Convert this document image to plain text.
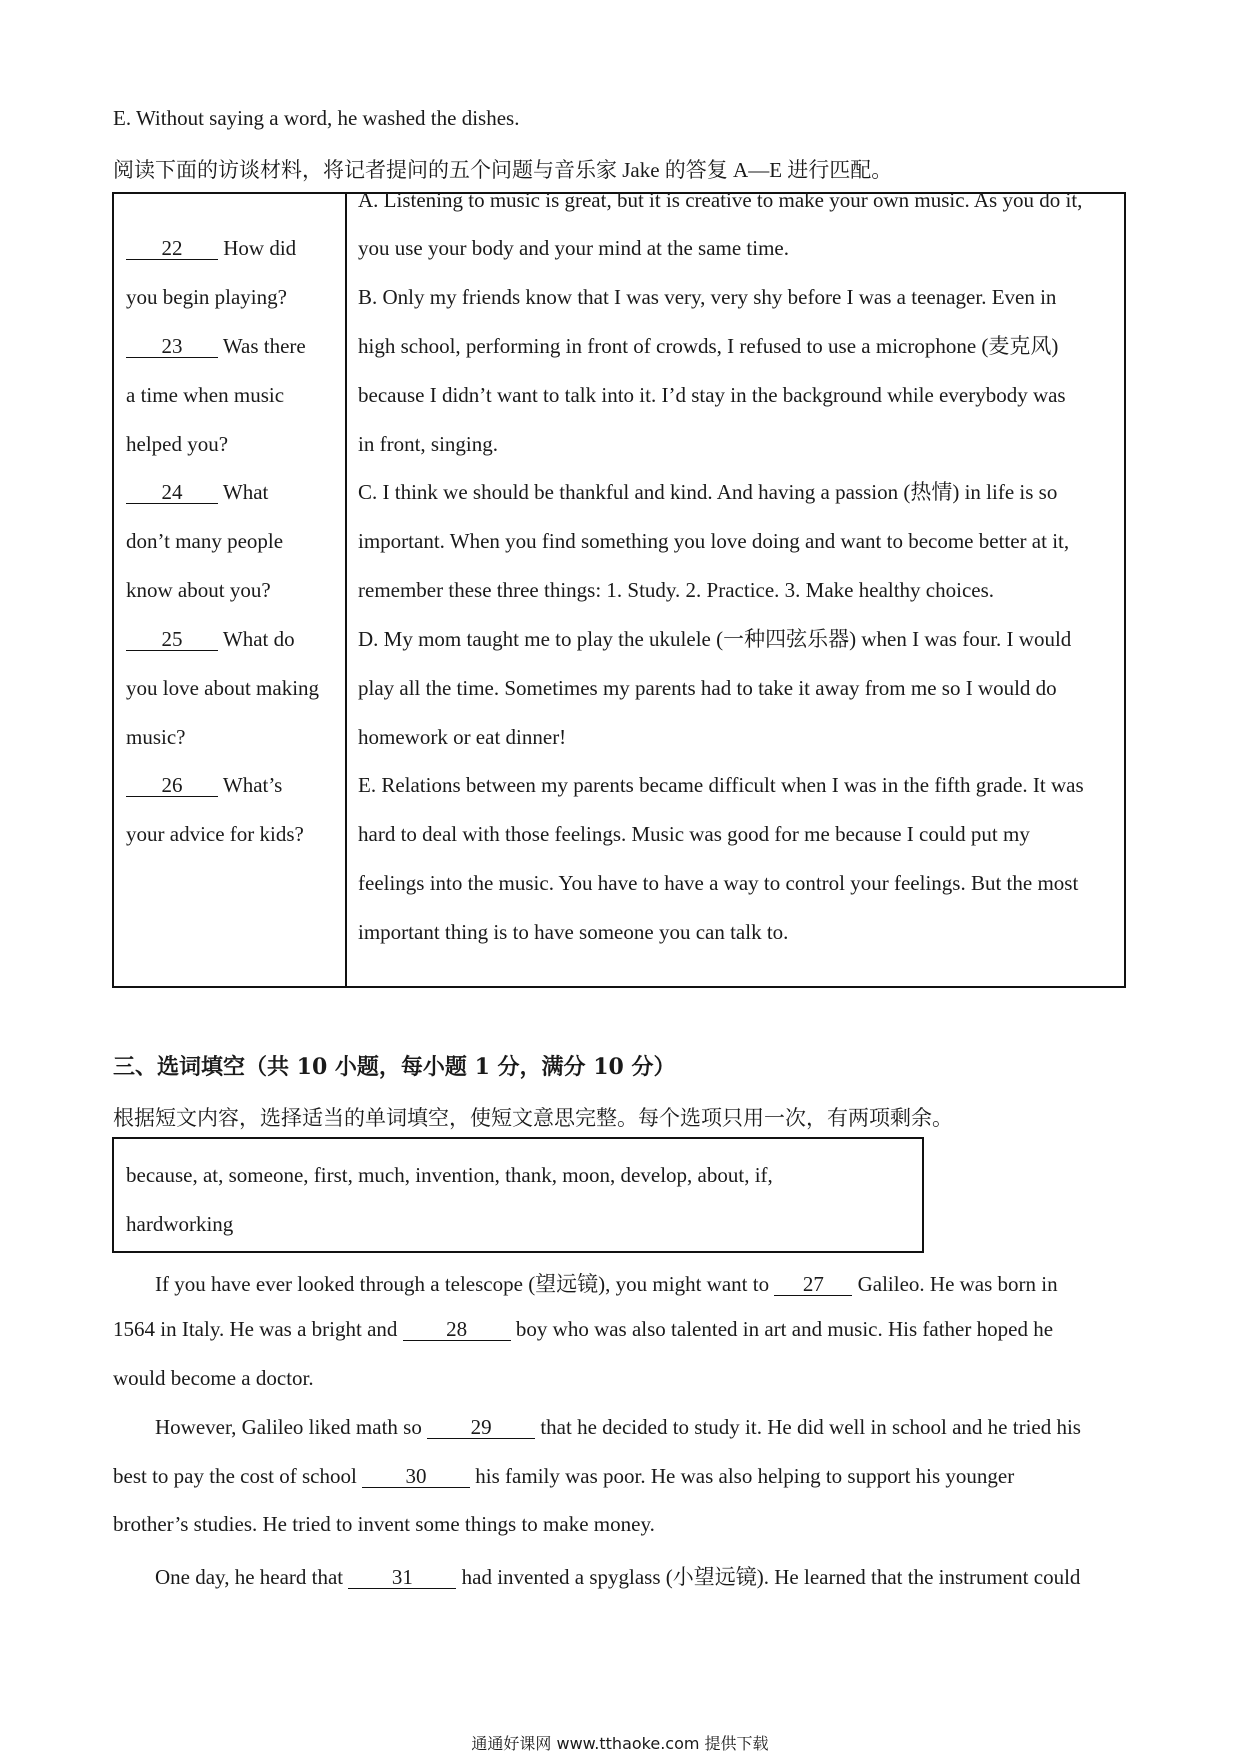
E. Without saying a word, he washed the dishes.
阅读下面的访谈材料，将记者提问的五个问题与音乐家 Jake 的答复 A—E 进行匹配。
22 How did
you begin playing?
23 Was there
a time when music
helped you?
24 What
don’t many people
know about you?
25 What do
you love about making
music?
26 What’s
your advice for kids?
A. Listening to music is great, but it is creative to make your own music. As you do it,
you use your body and your mind at the same time.
B. Only my friends know that I was very, very shy before I was a teenager. Even in
high school, performing in front of crowds, I refused to use a microphone (麦克风)
because I didn’t want to talk into it. I’d stay in the background while everybody was
in front, singing.
C. I think we should be thankful and kind. And having a passion (热情) in life is so
important. When you find something you love doing and want to become better at it,
remember these three things: 1. Study. 2. Practice. 3. Make healthy choices.
D. My mom taught me to play the ukulele (一种四弦乐器) when I was four. I would
play all the time. Sometimes my parents had to take it away from me so I would do
homework or eat dinner!
E. Relations between my parents became difficult when I was in the fifth grade. It was
hard to deal with those feelings. Music was good for me because I could put my
feelings into the music. You have to have a way to control your feelings. But the most
important thing is to have someone you can talk to.
三、选词填空（共 10 小题，每小题 1 分，满分 10 分）
根据短文内容，选择适当的单词填空，使短文意思完整。每个选项只用一次，有两项剩余。
because, at, someone, first, much, invention, thank, moon, develop, about, if,
hardworking
If you have ever looked through a telescope (望远镜), you might want to 27 Galileo. He was born in
1564 in Italy. He was a bright and 28 boy who was also talented in art and music. His father hoped he
would become a doctor.
However, Galileo liked math so 29 that he decided to study it. He did well in school and he tried his
best to pay the cost of school 30 his family was poor. He was also helping to support his younger
brother’s studies. He tried to invent some things to make money.
One day, he heard that 31 had invented a spyglass (小望远镜). He learned that the instrument could
通通好课网 www.tthaoke.com 提供下载
